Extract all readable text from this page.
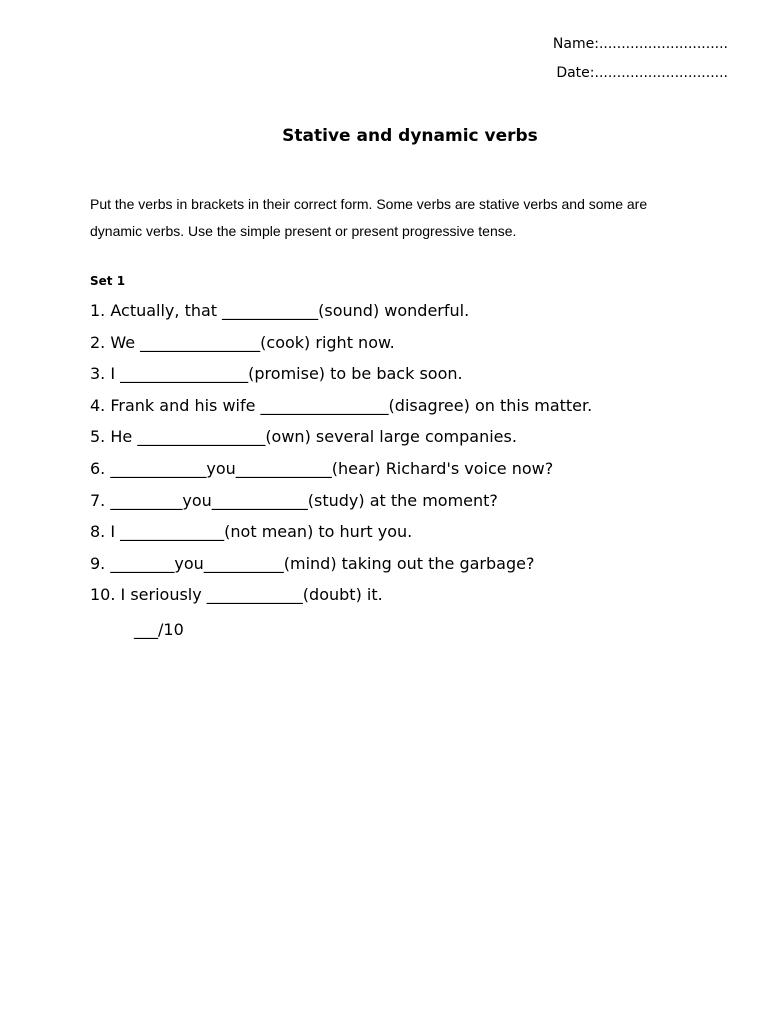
Name:.............................
Date:..............................
Stative and dynamic verbs
Put the verbs in brackets in their correct form. Some verbs are stative verbs and some are
dynamic verbs. Use the simple present or present progressive tense.
Set 1
1. Actually, that ____________(sound) wonderful.
2. We _______________(cook) right now.
3. I ________________(promise) to be back soon.
4. Frank and his wife ________________(disagree) on this matter.
5. He ________________(own) several large companies.
6. ____________you____________(hear) Richard's voice now?
7. _________you____________(study) at the moment?
8. I _____________(not mean) to hurt you.
9. ________you__________(mind) taking out the garbage?
10. I seriously ____________(doubt) it.
___/10
